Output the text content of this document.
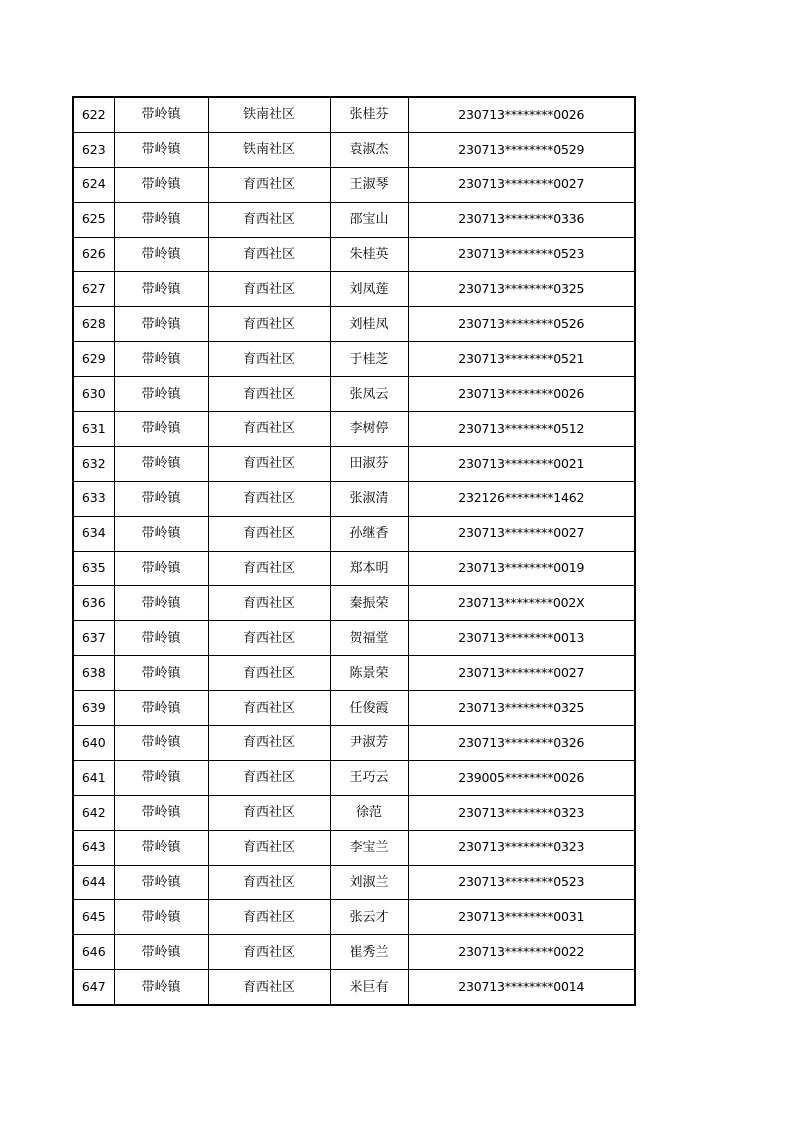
622	带岭镇	铁南社区	张桂芬	230713********0026
623	带岭镇	铁南社区	袁淑杰	230713********0529
624	带岭镇	育西社区	王淑琴	230713********0027
625	带岭镇	育西社区	邵宝山	230713********0336
626	带岭镇	育西社区	朱桂英	230713********0523
627	带岭镇	育西社区	刘凤莲	230713********0325
628	带岭镇	育西社区	刘桂凤	230713********0526
629	带岭镇	育西社区	于桂芝	230713********0521
630	带岭镇	育西社区	张凤云	230713********0026
631	带岭镇	育西社区	李树停	230713********0512
632	带岭镇	育西社区	田淑芬	230713********0021
633	带岭镇	育西社区	张淑清	232126********1462
634	带岭镇	育西社区	孙继香	230713********0027
635	带岭镇	育西社区	郑本明	230713********0019
636	带岭镇	育西社区	秦振荣	230713********002X
637	带岭镇	育西社区	贺福堂	230713********0013
638	带岭镇	育西社区	陈景荣	230713********0027
639	带岭镇	育西社区	任俊霞	230713********0325
640	带岭镇	育西社区	尹淑芳	230713********0326
641	带岭镇	育西社区	王巧云	239005********0026
642	带岭镇	育西社区	徐范	230713********0323
643	带岭镇	育西社区	李宝兰	230713********0323
644	带岭镇	育西社区	刘淑兰	230713********0523
645	带岭镇	育西社区	张云才	230713********0031
646	带岭镇	育西社区	崔秀兰	230713********0022
647	带岭镇	育西社区	米巨有	230713********0014
